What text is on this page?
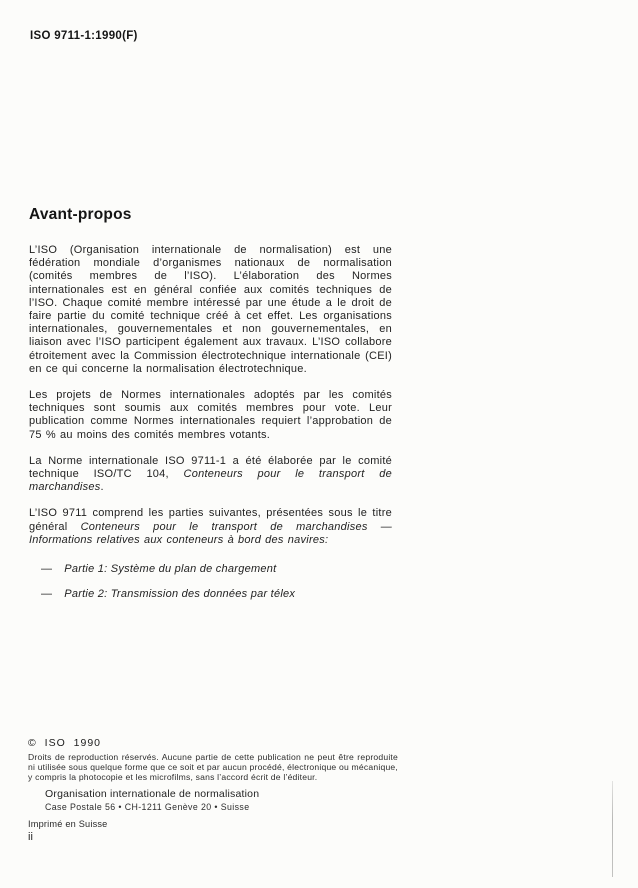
ISO 9711-1:1990(F)
Avant-propos

L’ISO (Organisation internationale de normalisation) est une fédération mondiale d’organismes nationaux de normalisation (comités membres de l’ISO). L’élaboration des Normes internationales est en général confiée aux comités techniques de l’ISO. Chaque comité membre intéressé par une étude a le droit de faire partie du comité technique créé à cet effet. Les organisations internationales, gouvernementales et non gouvernementales, en liaison avec l’ISO participent également aux travaux. L’ISO collabore étroitement avec la Commission électrotechnique internationale (CEI) en ce qui concerne la normalisation électrotechnique.

Les projets de Normes internationales adoptés par les comités techniques sont soumis aux comités membres pour vote. Leur publication comme Normes internationales requiert l’approbation de 75 % au moins des comités membres votants.

La Norme internationale ISO 9711-1 a été élaborée par le comité technique ISO/TC 104, Conteneurs pour le transport de marchandises.

L’ISO 9711 comprend les parties suivantes, présentées sous le titre général Conteneurs pour le transport de marchandises — Informations relatives aux conteneurs à bord des navires:

— Partie 1: Système du plan de chargement
— Partie 2: Transmission des données par télex
© ISO 1990
Droits de reproduction réservés. Aucune partie de cette publication ne peut être reproduite ni utilisée sous quelque forme que ce soit et par aucun procédé, électronique ou mécanique, y compris la photocopie et les microfilms, sans l’accord écrit de l’éditeur.
Organisation internationale de normalisation
Case Postale 56 • CH-1211 Genève 20 • Suisse
Imprimé en Suisse
ii
